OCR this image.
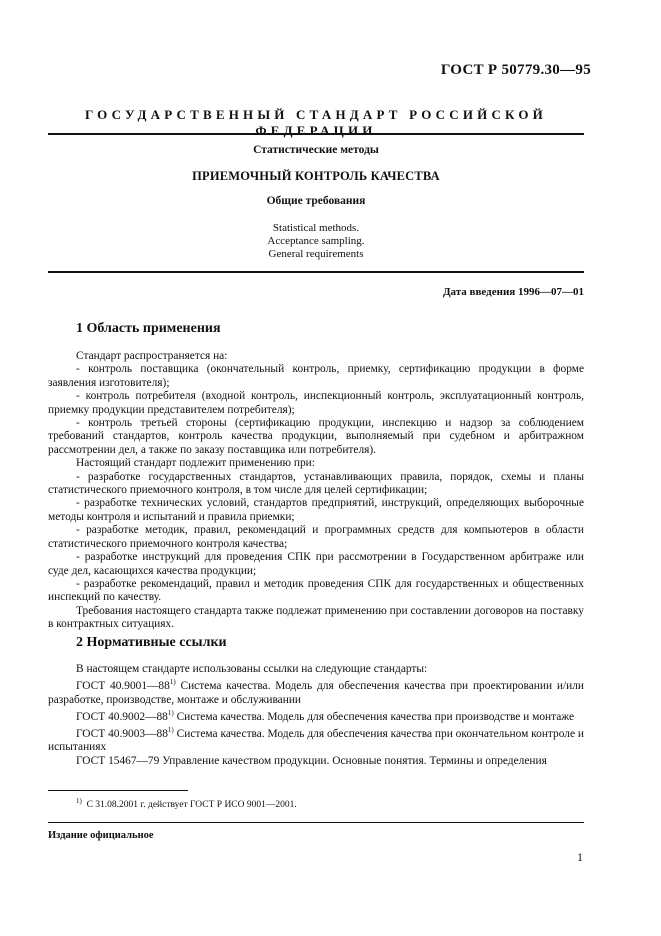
ГОСТ Р 50779.30—95
ГОСУДАРСТВЕННЫЙ СТАНДАРТ РОССИЙСКОЙ ФЕДЕРАЦИИ
Статистические методы
ПРИЕМОЧНЫЙ КОНТРОЛЬ КАЧЕСТВА
Общие требования
Statistical methods.
Acceptance sampling.
General requirements
Дата введения 1996—07—01
1 Область применения

Стандарт распространяется на:

- контроль поставщика (окончательный контроль, приемку, сертификацию продукции в форме заявления изготовителя);

- контроль потребителя (входной контроль, инспекционный контроль, эксплуатационный контроль, приемку продукции представителем потребителя);

- контроль третьей стороны (сертификацию продукции, инспекцию и надзор за соблюдением требований стандартов, контроль качества продукции, выполняемый при судебном и арбитражном рассмотрении дел, а также по заказу поставщика или потребителя).

Настоящий стандарт подлежит применению при:

- разработке государственных стандартов, устанавливающих правила, порядок, схемы и планы статистического приемочного контроля, в том числе для целей сертификации;

- разработке технических условий, стандартов предприятий, инструкций, определяющих выборочные методы контроля и испытаний и правила приемки;

- разработке методик, правил, рекомендаций и программных средств для компьютеров в области статистического приемочного контроля качества;

- разработке инструкций для проведения СПК при рассмотрении в Государственном арбитраже или суде дел, касающихся качества продукции;

- разработке рекомендаций, правил и методик проведения СПК для государственных и общественных инспекций по качеству.

Требования настоящего стандарта также подлежат применению при составлении договоров на поставку в контрактных ситуациях.

2 Нормативные ссылки

В настоящем стандарте использованы ссылки на следующие стандарты:

ГОСТ 40.9001—88$^{1)}$ Система качества. Модель для обеспечения качества при проектировании и/или разработке, производстве, монтаже и обслуживании

ГОСТ 40.9002—88$^{1)}$ Система качества. Модель для обеспечения качества при производстве и монтаже

ГОСТ 40.9003—88$^{1)}$ Система качества. Модель для обеспечения качества при окончательном контроле и испытаниях

ГОСТ 15467—79 Управление качеством продукции. Основные понятия. Термины и определения

$^{1)}$ С 31.08.2001 г. действует ГОСТ Р ИСО 9001—2001.
Издание официальное
1
